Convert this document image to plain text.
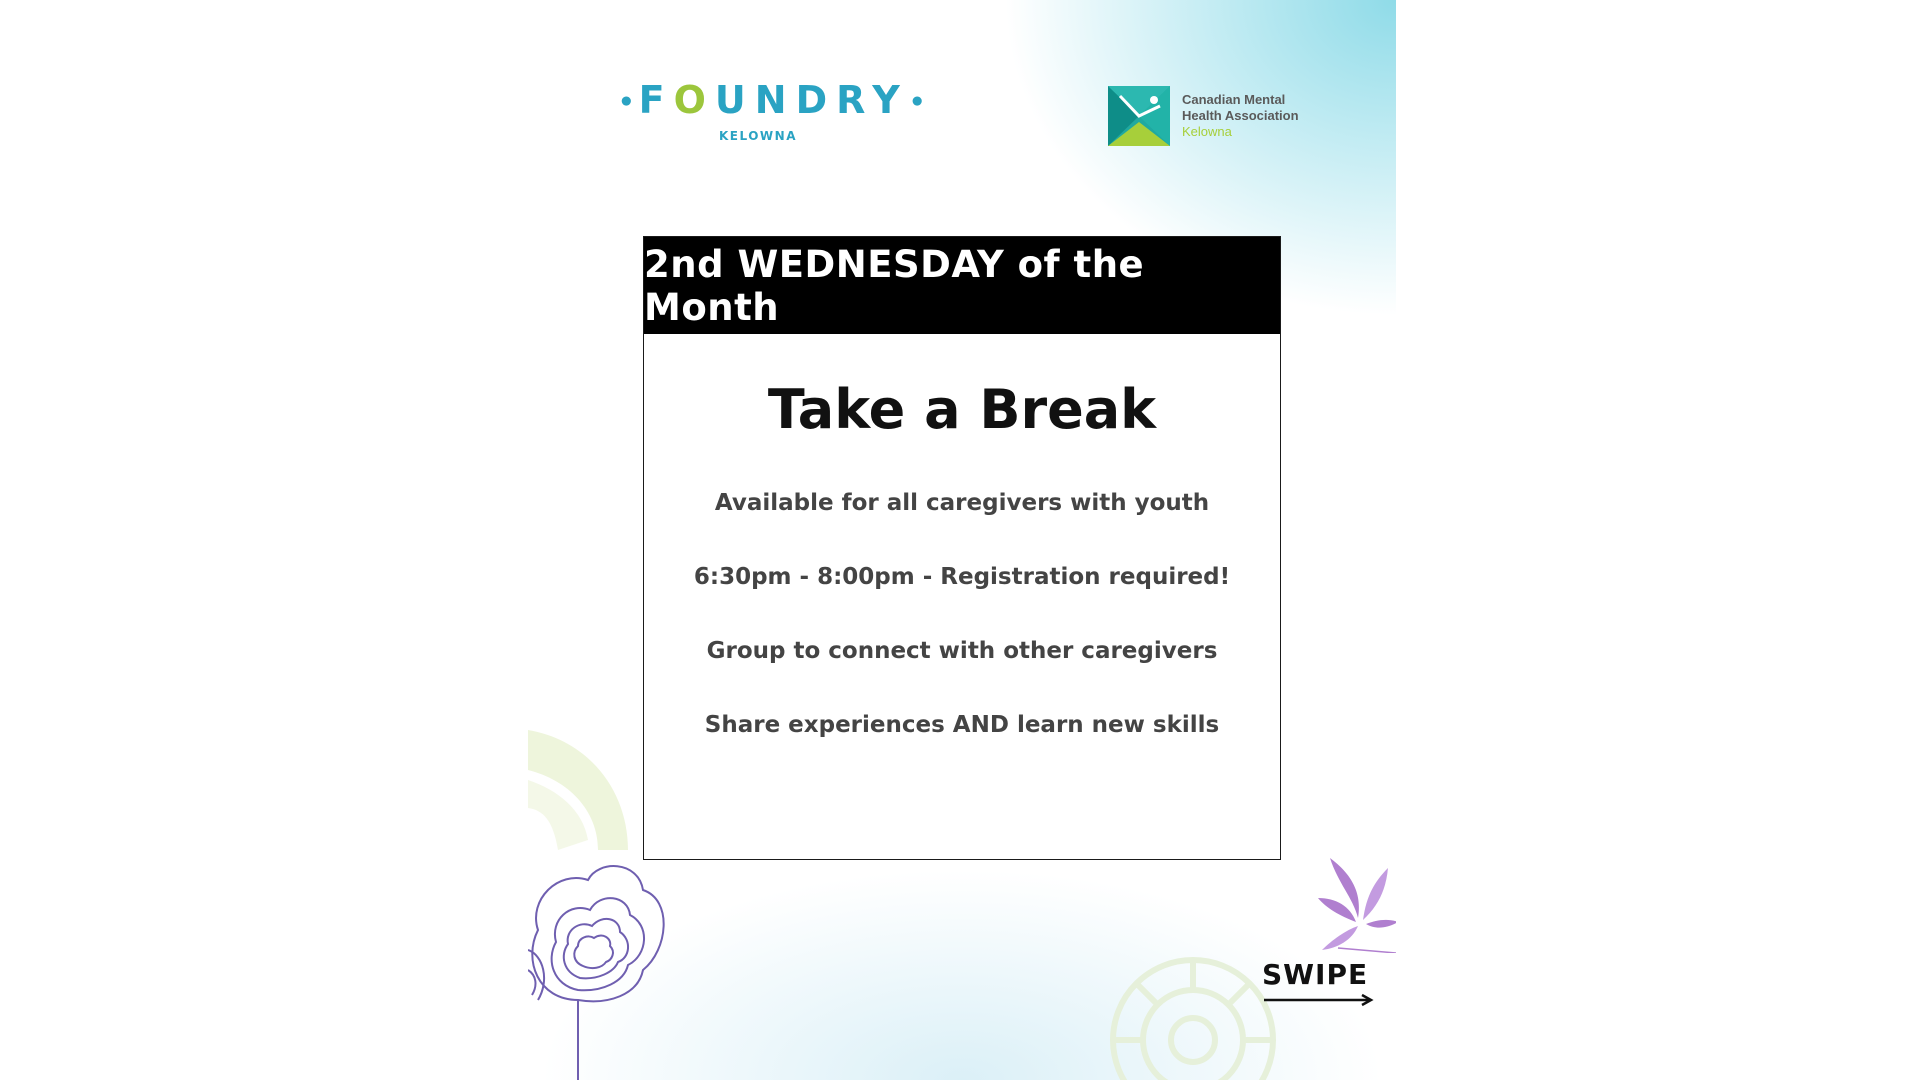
•FOUNDRY•
KELOWNA
Canadian Mental
Health Association
Kelowna
2nd WEDNESDAY of the Month
Take a Break
Available for all caregivers with youth
6:30pm - 8:00pm - Registration required!
Group to connect with other caregivers
Share experiences AND learn new skills
SWIPE
